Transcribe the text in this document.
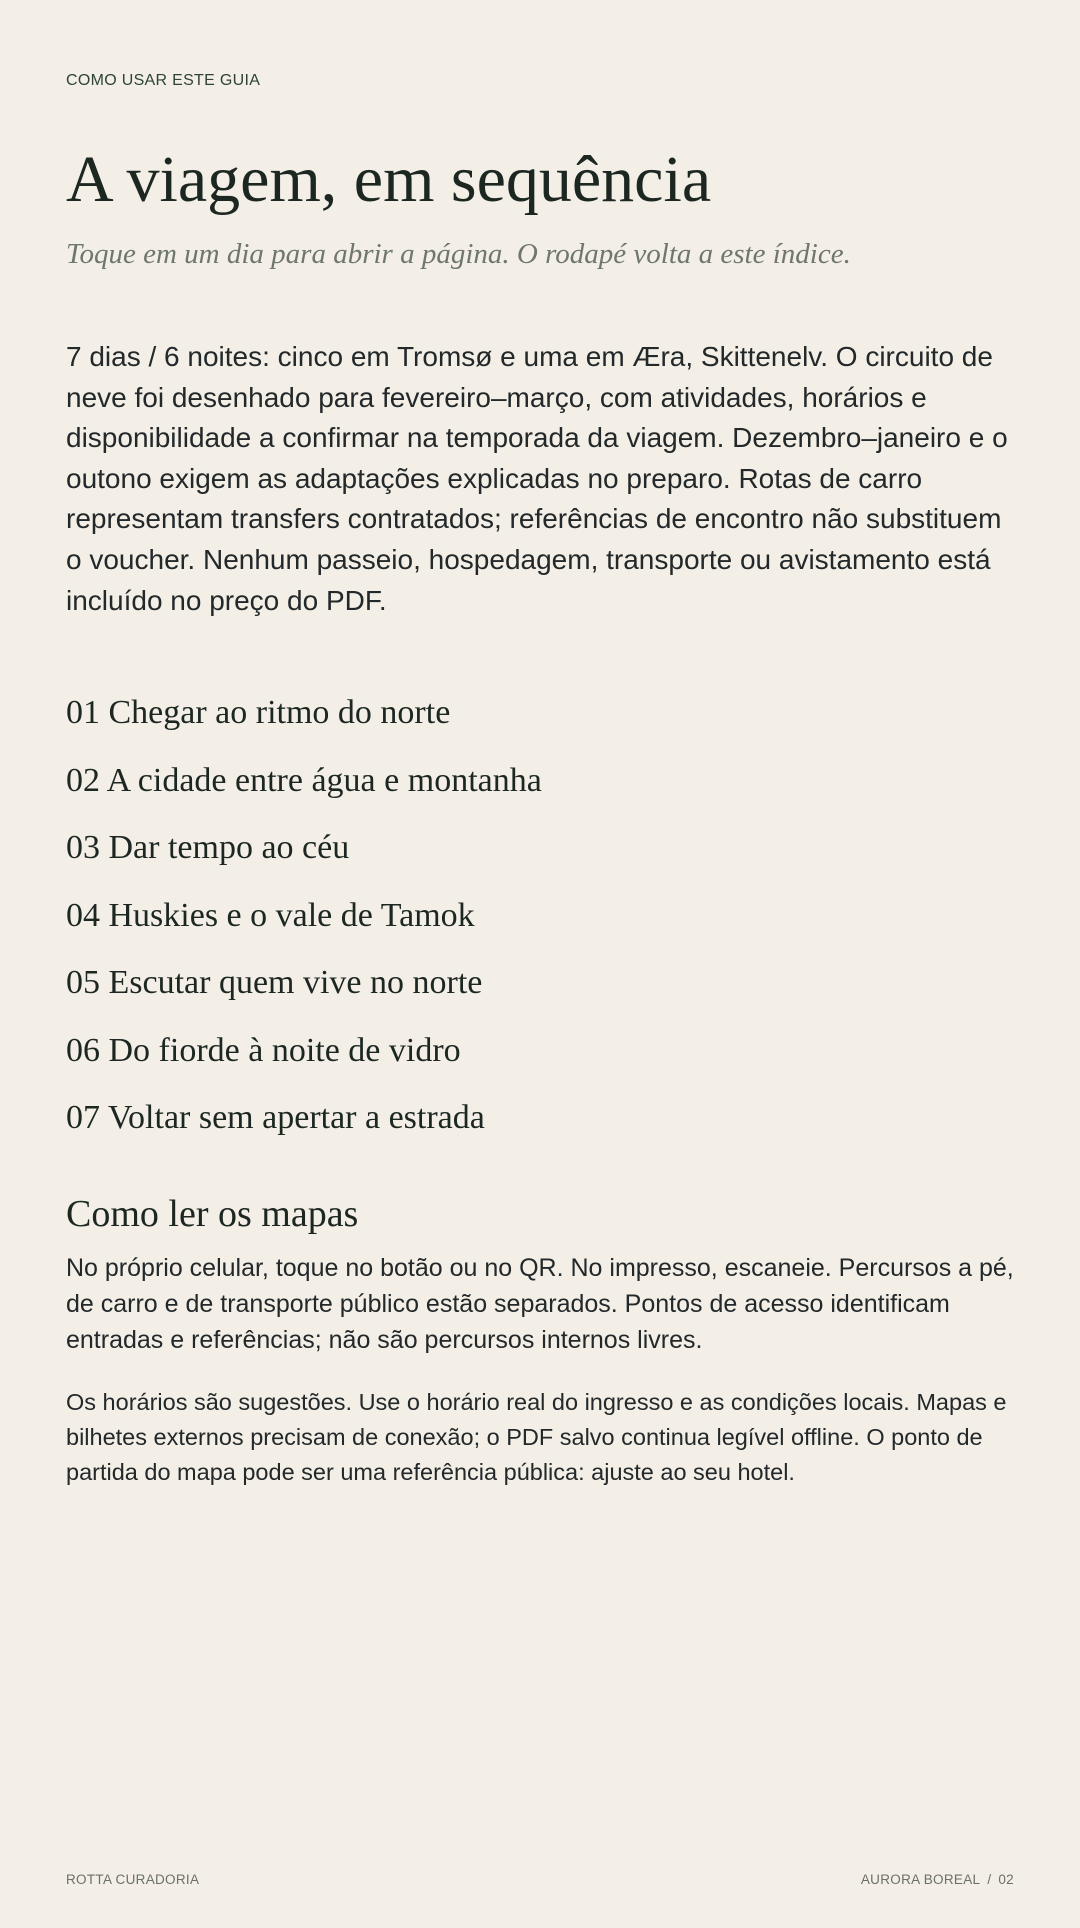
COMO USAR ESTE GUIA
A viagem, em sequência
Toque em um dia para abrir a página. O rodapé volta a este índice.

7 dias / 6 noites: cinco em Tromsø e uma em Æra, Skittenelv. O circuito de neve foi desenhado para fevereiro–março, com atividades, horários e disponibilidade a confirmar na temporada da viagem. Dezembro–janeiro e o outono exigem as adaptações explicadas no preparo. Rotas de carro representam transfers contratados; referências de encontro não substituem o voucher. Nenhum passeio, hospedagem, transporte ou avistamento está incluído no preço do PDF.

01 Chegar ao ritmo do norte
02 A cidade entre água e montanha
03 Dar tempo ao céu
04 Huskies e o vale de Tamok
05 Escutar quem vive no norte
06 Do fiorde à noite de vidro
07 Voltar sem apertar a estrada
Como ler os mapas

No próprio celular, toque no botão ou no QR. No impresso, escaneie. Percursos a pé, de carro e de transporte público estão separados. Pontos de acesso identificam entradas e referências; não são percursos internos livres.

Os horários são sugestões. Use o horário real do ingresso e as condições locais. Mapas e bilhetes externos precisam de conexão; o PDF salvo continua legível offline. O ponto de partida do mapa pode ser uma referência pública: ajuste ao seu hotel.

ROTTA CURADORIA	AURORA BOREAL / 02
